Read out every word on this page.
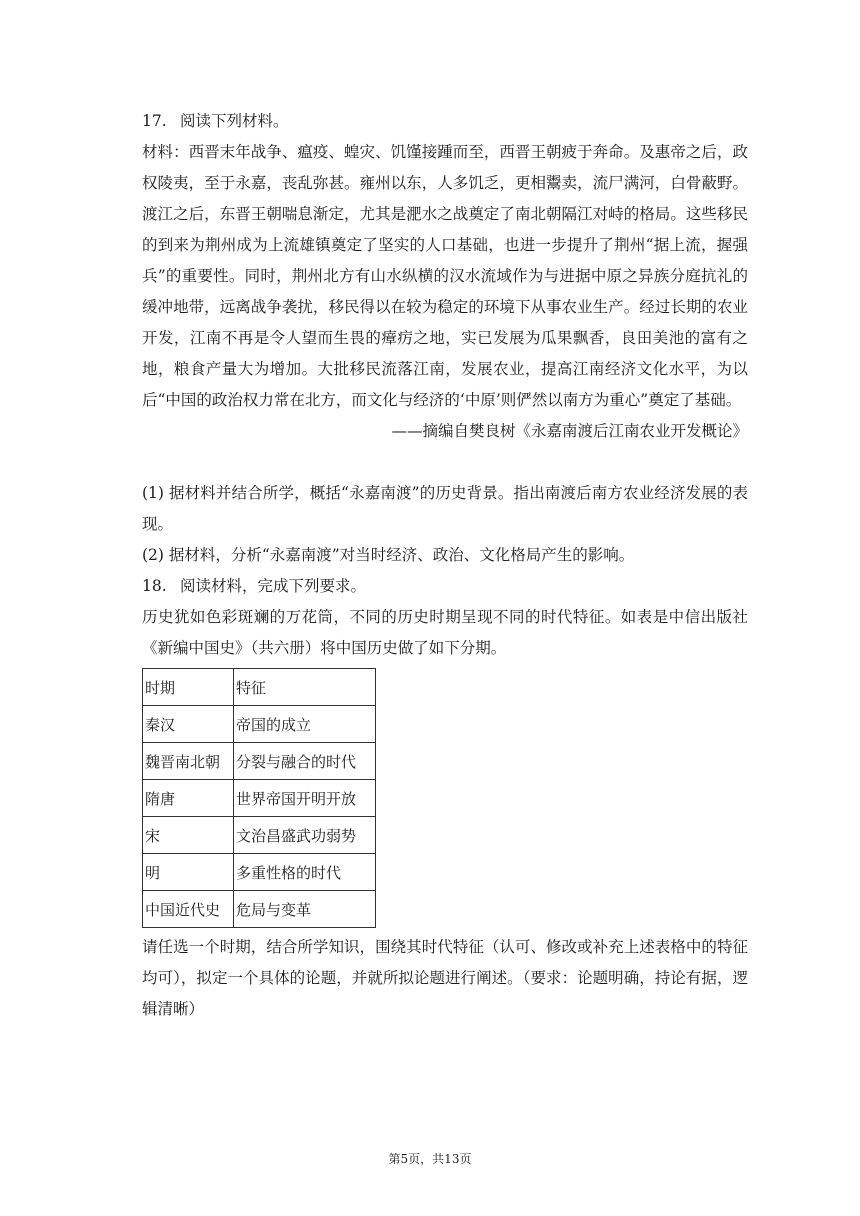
17. 阅读下列材料。

材料：西晋末年战争、瘟疫、蝗灾、饥馑接踵而至，西晋王朝疲于奔命。及惠帝之后，政权陵夷，至于永嘉，丧乱弥甚。雍州以东，人多饥乏，更相鬻卖，流尸满河，白骨蔽野。渡江之后，东晋王朝喘息渐定，尤其是淝水之战奠定了南北朝隔江对峙的格局。这些移民的到来为荆州成为上流雄镇奠定了坚实的人口基础，也进一步提升了荆州“据上流，握强兵”的重要性。同时，荆州北方有山水纵横的汉水流域作为与进据中原之异族分庭抗礼的缓冲地带，远离战争袭扰，移民得以在较为稳定的环境下从事农业生产。经过长期的农业开发，江南不再是令人望而生畏的瘴疠之地，实已发展为瓜果飘香，良田美池的富有之地，粮食产量大为增加。大批移民流落江南，发展农业，提高江南经济文化水平，为以后“中国的政治权力常在北方，而文化与经济的‘中原’则俨然以南方为重心”奠定了基础。

——摘编自樊良树《永嘉南渡后江南农业开发概论》

(1) 据材料并结合所学，概括“永嘉南渡”的历史背景。指出南渡后南方农业经济发展的表现。

(2) 据材料，分析“永嘉南渡”对当时经济、政治、文化格局产生的影响。

18. 阅读材料，完成下列要求。

历史犹如色彩斑斓的万花筒，不同的历史时期呈现不同的时代特征。如表是中信出版社《新编中国史》（共六册）将中国历史做了如下分期。

时期	特征
秦汉	帝国的成立
魏晋南北朝	分裂与融合的时代
隋唐	世界帝国开明开放
宋	文治昌盛武功弱势
明	多重性格的时代
中国近代史	危局与变革

请任选一个时期，结合所学知识，围绕其时代特征（认可、修改或补充上述表格中的特征均可），拟定一个具体的论题，并就所拟论题进行阐述。（要求：论题明确，持论有据，逻辑清晰）

第5页，共13页
